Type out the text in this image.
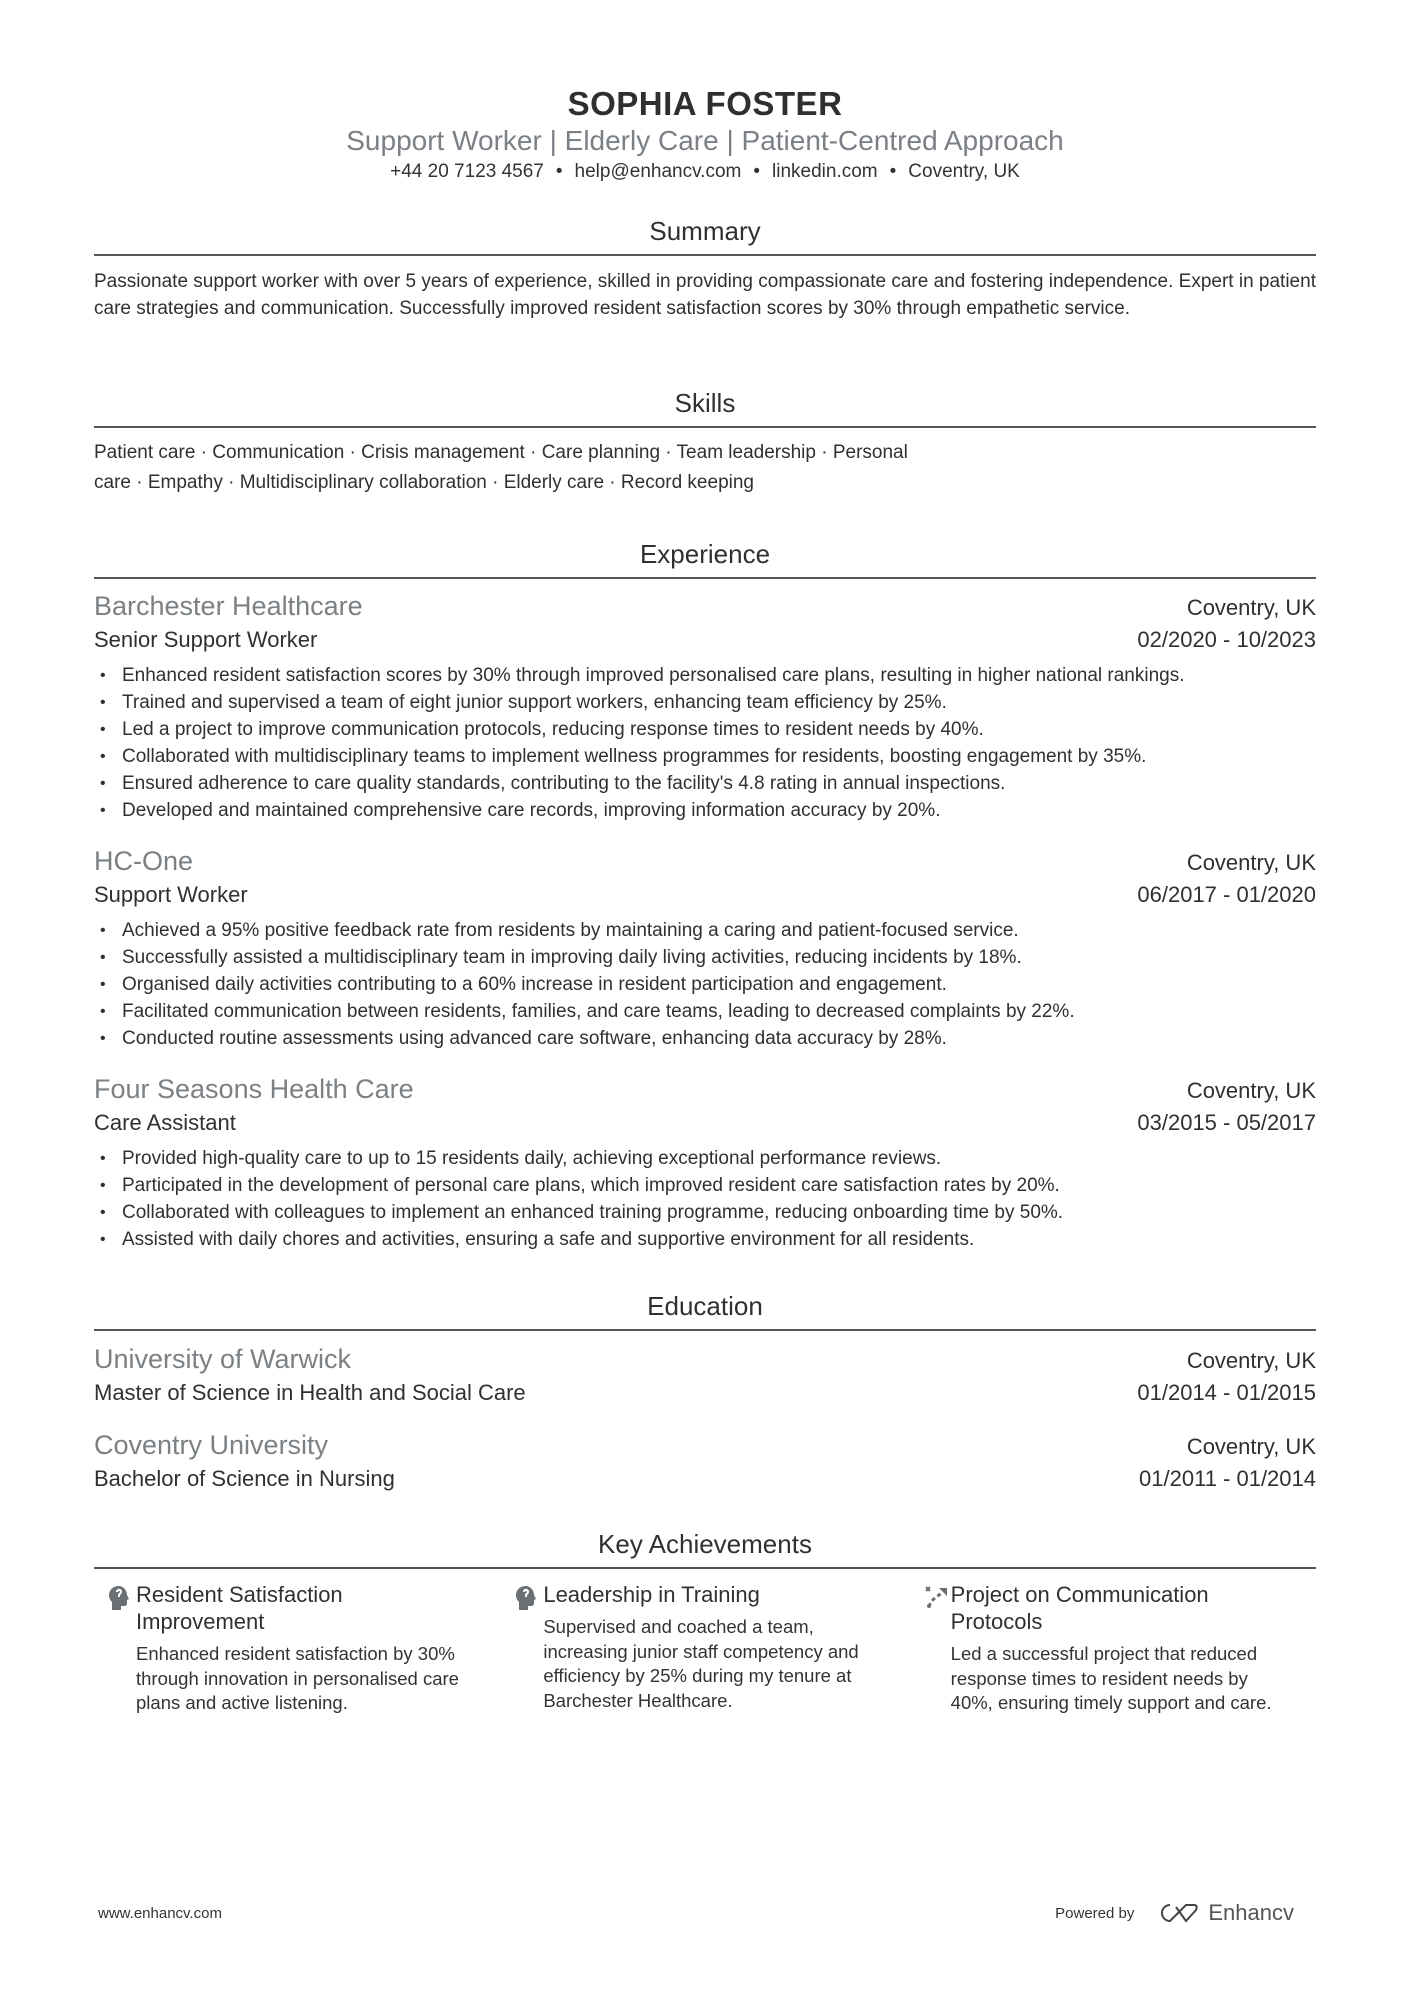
SOPHIA FOSTER
Support Worker | Elderly Care | Patient-Centred Approach
+44 20 7123 4567 • help@enhancv.com • linkedin.com • Coventry, UK
Summary
Passionate support worker with over 5 years of experience, skilled in providing compassionate care and fostering independence. Expert in patient care strategies and communication. Successfully improved resident satisfaction scores by 30% through empathetic service.
Skills
Patient care · Communication · Crisis management · Care planning · Team leadership · Personal care · Empathy · Multidisciplinary collaboration · Elderly care · Record keeping
Experience
Barchester Healthcare	Coventry, UK
Senior Support Worker	02/2020 - 10/2023
• Enhanced resident satisfaction scores by 30% through improved personalised care plans, resulting in higher national rankings.
• Trained and supervised a team of eight junior support workers, enhancing team efficiency by 25%.
• Led a project to improve communication protocols, reducing response times to resident needs by 40%.
• Collaborated with multidisciplinary teams to implement wellness programmes for residents, boosting engagement by 35%.
• Ensured adherence to care quality standards, contributing to the facility's 4.8 rating in annual inspections.
• Developed and maintained comprehensive care records, improving information accuracy by 20%.
HC-One	Coventry, UK
Support Worker	06/2017 - 01/2020
• Achieved a 95% positive feedback rate from residents by maintaining a caring and patient-focused service.
• Successfully assisted a multidisciplinary team in improving daily living activities, reducing incidents by 18%.
• Organised daily activities contributing to a 60% increase in resident participation and engagement.
• Facilitated communication between residents, families, and care teams, leading to decreased complaints by 22%.
• Conducted routine assessments using advanced care software, enhancing data accuracy by 28%.
Four Seasons Health Care	Coventry, UK
Care Assistant	03/2015 - 05/2017
• Provided high-quality care to up to 15 residents daily, achieving exceptional performance reviews.
• Participated in the development of personal care plans, which improved resident care satisfaction rates by 20%.
• Collaborated with colleagues to implement an enhanced training programme, reducing onboarding time by 50%.
• Assisted with daily chores and activities, ensuring a safe and supportive environment for all residents.
Education
University of Warwick	Coventry, UK
Master of Science in Health and Social Care	01/2014 - 01/2015
Coventry University	Coventry, UK
Bachelor of Science in Nursing	01/2011 - 01/2014
Key Achievements
Resident Satisfaction Improvement
Enhanced resident satisfaction by 30% through innovation in personalised care plans and active listening.
Leadership in Training
Supervised and coached a team, increasing junior staff competency and efficiency by 25% during my tenure at Barchester Healthcare.
Project on Communication Protocols
Led a successful project that reduced response times to resident needs by 40%, ensuring timely support and care.
www.enhancv.com	Powered by	Enhancv
